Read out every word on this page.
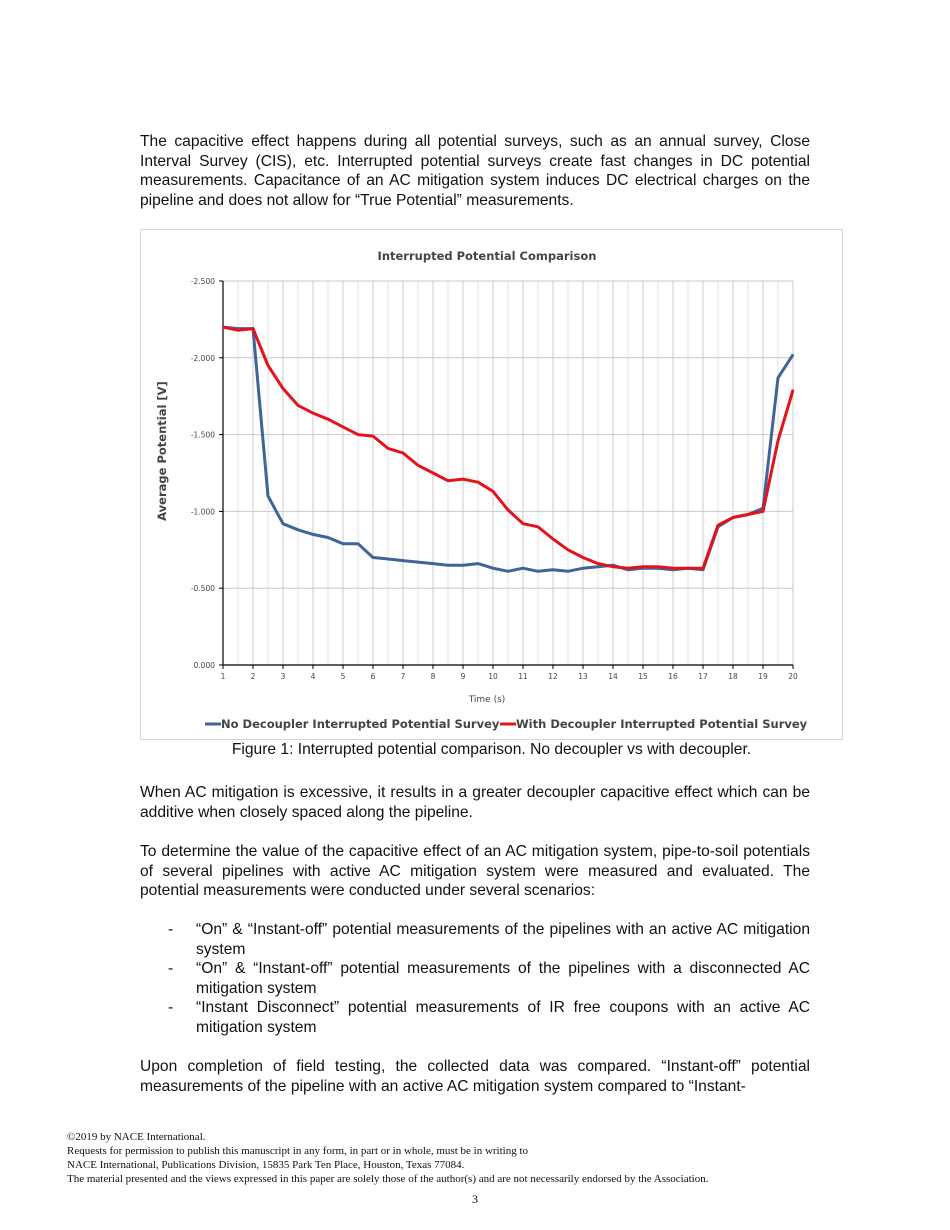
The capacitive effect happens during all potential surveys, such as an annual survey, Close Interval Survey (CIS), etc. Interrupted potential surveys create fast changes in DC potential measurements. Capacitance of an AC mitigation system induces DC electrical charges on the pipeline and does not allow for “True Potential” measurements.

Interrupted Potential Comparison
0.000
-0.500
-1.000
-1.500
-2.000
-2.500
1	2	3	4	5	6	7	8	9	10	11	12	13	14	15	16	17	18	19	20
Average Potential [V]
Time (s)
No Decoupler Interrupted Potential Survey With Decoupler Interrupted Potential Survey
Figure 1: Interrupted potential comparison. No decoupler vs with decoupler.

When AC mitigation is excessive, it results in a greater decoupler capacitive effect which can be additive when closely spaced along the pipeline.

To determine the value of the capacitive effect of an AC mitigation system, pipe-to-soil potentials of several pipelines with active AC mitigation system were measured and evaluated. The potential measurements were conducted under several scenarios:

- “On” & “Instant-off” potential measurements of the pipelines with an active AC mitigation system
- “On” & “Instant-off” potential measurements of the pipelines with a disconnected AC mitigation system
- “Instant Disconnect” potential measurements of IR free coupons with an active AC mitigation system

Upon completion of field testing, the collected data was compared. “Instant-off” potential measurements of the pipeline with an active AC mitigation system compared to “Instant-

©2019 by NACE International.
Requests for permission to publish this manuscript in any form, in part or in whole, must be in writing to
NACE International, Publications Division, 15835 Park Ten Place, Houston, Texas 77084.
The material presented and the views expressed in this paper are solely those of the author(s) and are not necessarily endorsed by the Association.
3
